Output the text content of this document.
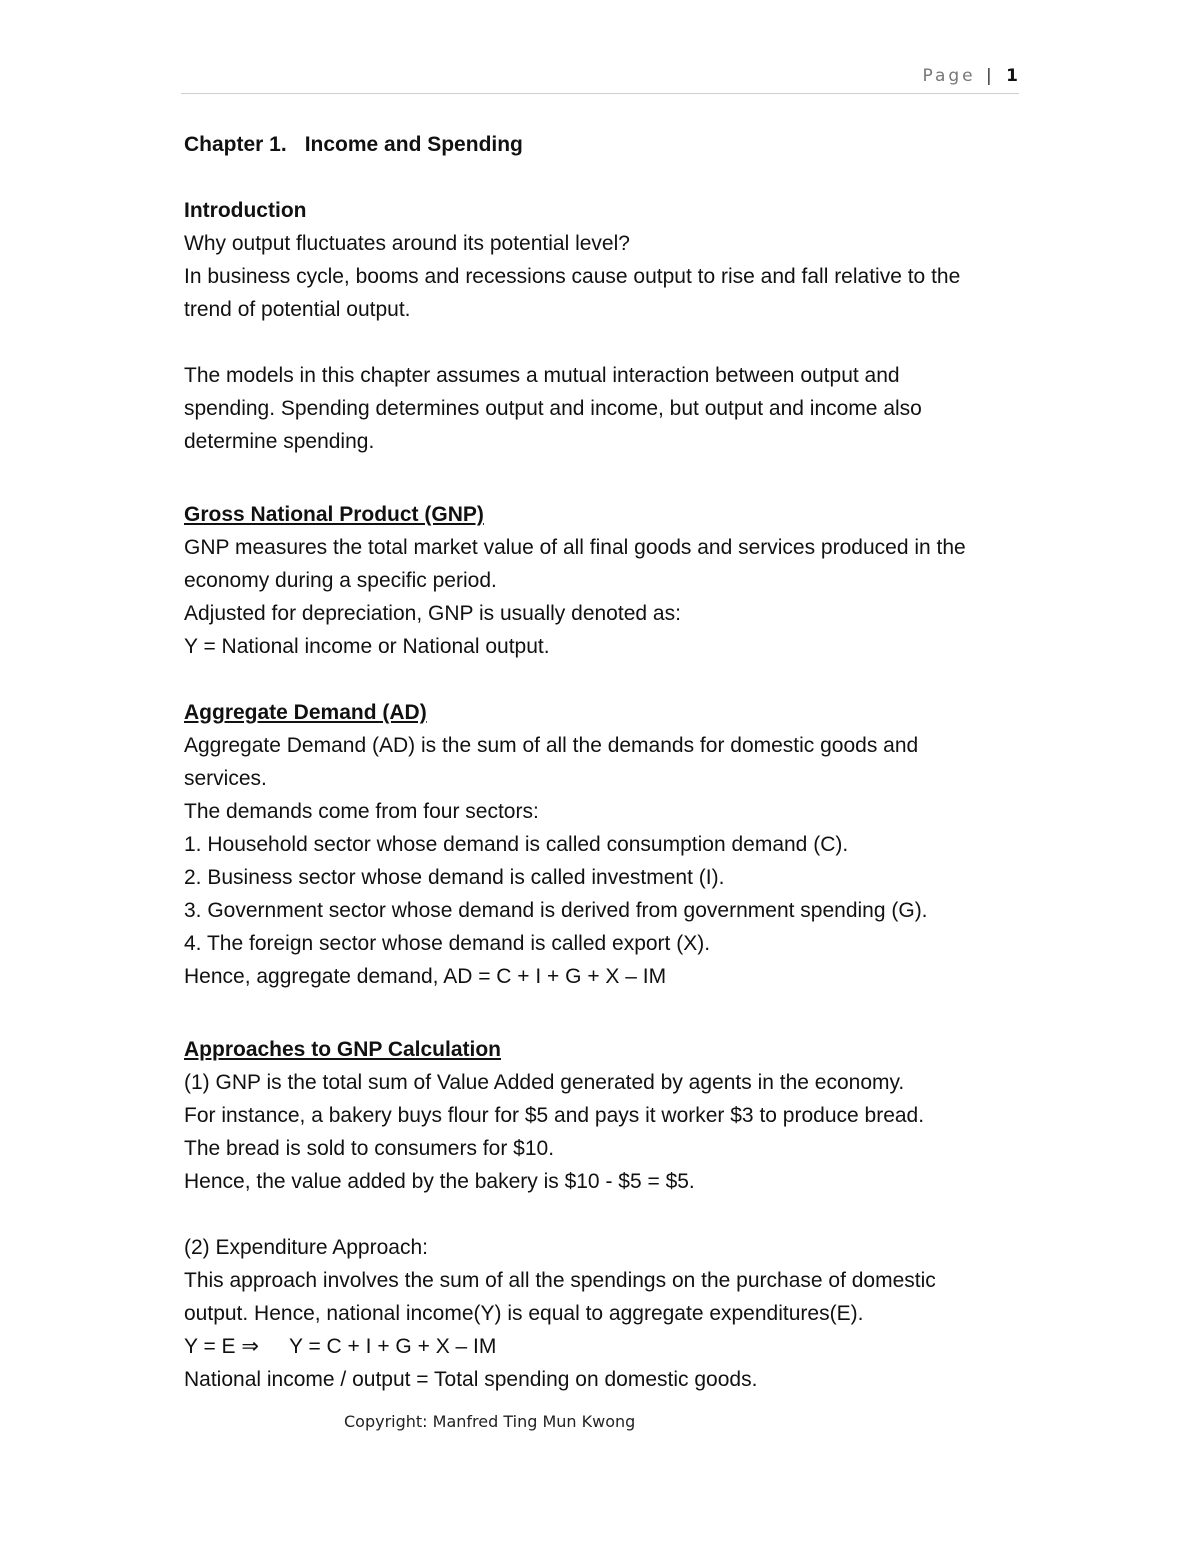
Page | 1

Chapter 1. Income and Spending

Introduction

Why output fluctuates around its potential level?

In business cycle, booms and recessions cause output to rise and fall relative to the

trend of potential output.

The models in this chapter assumes a mutual interaction between output and

spending. Spending determines output and income, but output and income also

determine spending.

Gross National Product (GNP)

GNP measures the total market value of all final goods and services produced in the

economy during a specific period.

Adjusted for depreciation, GNP is usually denoted as:

Y = National income or National output.

Aggregate Demand (AD)

Aggregate Demand (AD) is the sum of all the demands for domestic goods and

services.

The demands come from four sectors:

1. Household sector whose demand is called consumption demand (C).

2. Business sector whose demand is called investment (I).

3. Government sector whose demand is derived from government spending (G).

4. The foreign sector whose demand is called export (X).

Hence, aggregate demand, AD = C + I + G + X – IM

Approaches to GNP Calculation

(1) GNP is the total sum of Value Added generated by agents in the economy.

For instance, a bakery buys flour for $5 and pays it worker $3 to produce bread.

The bread is sold to consumers for $10.

Hence, the value added by the bakery is $10 - $5 = $5.

(2) Expenditure Approach:

This approach involves the sum of all the spendings on the purchase of domestic

output. Hence, national income(Y) is equal to aggregate expenditures(E).

Y = E ⇒ Y = C + I + G + X – IM

National income / output = Total spending on domestic goods.

Copyright: Manfred Ting Mun Kwong
